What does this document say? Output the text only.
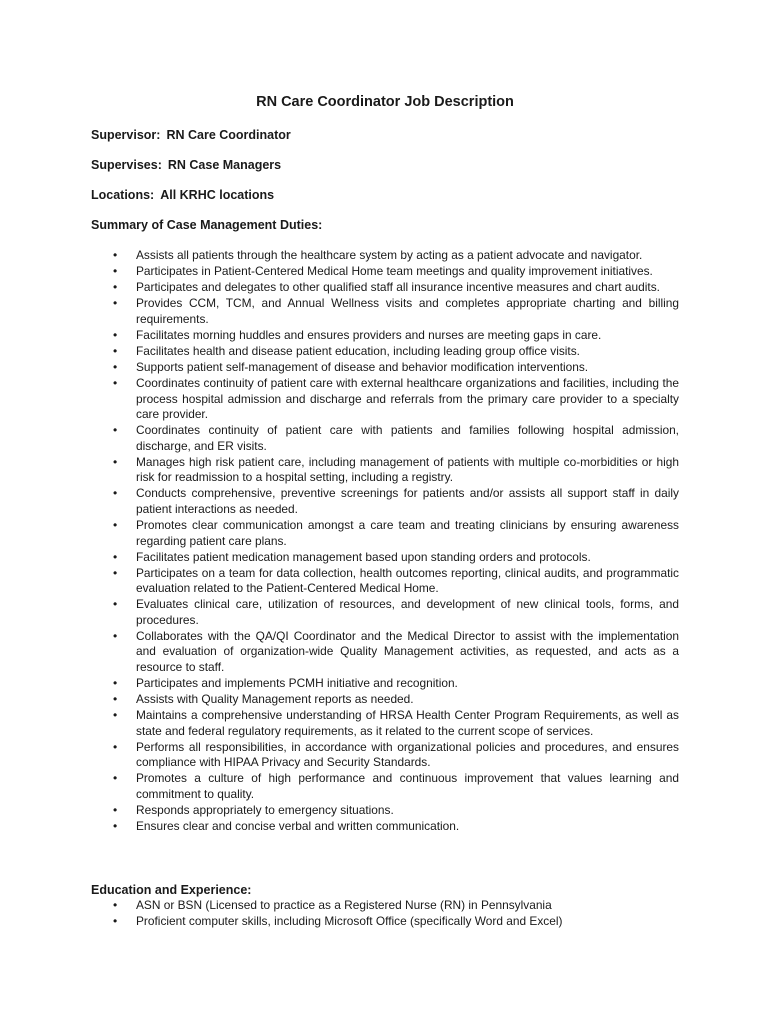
RN Care Coordinator Job Description

Supervisor: RN Care Coordinator

Supervises: RN Case Managers

Locations: All KRHC locations

Summary of Case Management Duties:

• Assists all patients through the healthcare system by acting as a patient advocate and navigator.
• Participates in Patient-Centered Medical Home team meetings and quality improvement initiatives.
• Participates and delegates to other qualified staff all insurance incentive measures and chart audits.
• Provides CCM, TCM, and Annual Wellness visits and completes appropriate charting and billing requirements.
• Facilitates morning huddles and ensures providers and nurses are meeting gaps in care.
• Facilitates health and disease patient education, including leading group office visits.
• Supports patient self-management of disease and behavior modification interventions.
• Coordinates continuity of patient care with external healthcare organizations and facilities, including the process hospital admission and discharge and referrals from the primary care provider to a specialty care provider.
• Coordinates continuity of patient care with patients and families following hospital admission, discharge, and ER visits.
• Manages high risk patient care, including management of patients with multiple co-morbidities or high risk for readmission to a hospital setting, including a registry.
• Conducts comprehensive, preventive screenings for patients and/or assists all support staff in daily patient interactions as needed.
• Promotes clear communication amongst a care team and treating clinicians by ensuring awareness regarding patient care plans.
• Facilitates patient medication management based upon standing orders and protocols.
• Participates on a team for data collection, health outcomes reporting, clinical audits, and programmatic evaluation related to the Patient-Centered Medical Home.
• Evaluates clinical care, utilization of resources, and development of new clinical tools, forms, and procedures.
• Collaborates with the QA/QI Coordinator and the Medical Director to assist with the implementation and evaluation of organization-wide Quality Management activities, as requested, and acts as a resource to staff.
• Participates and implements PCMH initiative and recognition.
• Assists with Quality Management reports as needed.
• Maintains a comprehensive understanding of HRSA Health Center Program Requirements, as well as state and federal regulatory requirements, as it related to the current scope of services.
• Performs all responsibilities, in accordance with organizational policies and procedures, and ensures compliance with HIPAA Privacy and Security Standards.
• Promotes a culture of high performance and continuous improvement that values learning and commitment to quality.
• Responds appropriately to emergency situations.
• Ensures clear and concise verbal and written communication.

Education and Experience:

• ASN or BSN (Licensed to practice as a Registered Nurse (RN) in Pennsylvania
• Proficient computer skills, including Microsoft Office (specifically Word and Excel)
